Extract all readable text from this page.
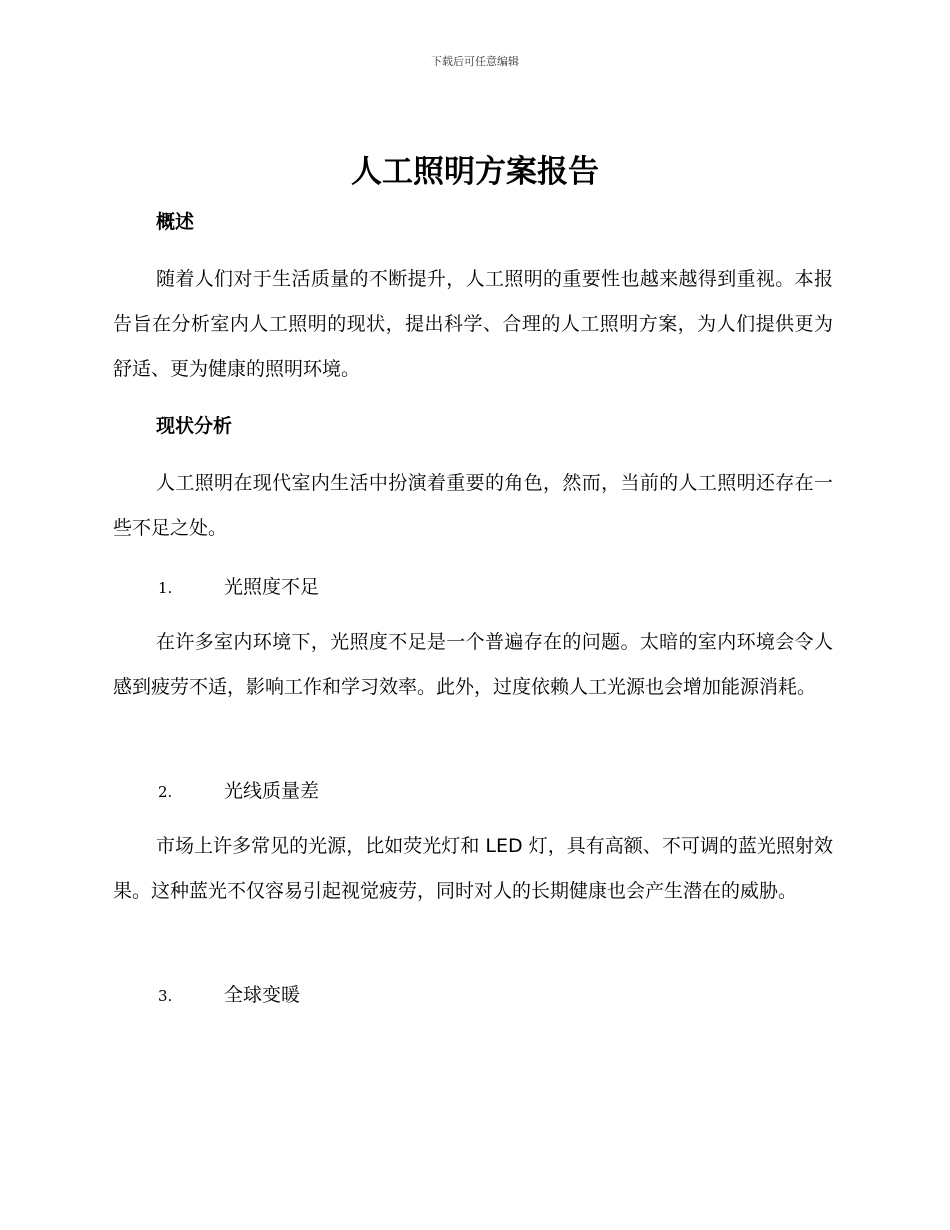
下载后可任意编辑
人工照明方案报告
概述

随着人们对于生活质量的不断提升，人工照明的重要性也越来越得到重视。本报告旨在分析室内人工照明的现状，提出科学、合理的人工照明方案，为人们提供更为舒适、更为健康的照明环境。

现状分析

人工照明在现代室内生活中扮演着重要的角色，然而，当前的人工照明还存在一些不足之处。

1.	光照度不足

在许多室内环境下，光照度不足是一个普遍存在的问题。太暗的室内环境会令人感到疲劳不适，影响工作和学习效率。此外，过度依赖人工光源也会增加能源消耗。

2.	光线质量差

市场上许多常见的光源，比如荧光灯和 LED 灯，具有高额、不可调的蓝光照射效果。这种蓝光不仅容易引起视觉疲劳，同时对人的长期健康也会产生潜在的威胁。

3.	全球变暖
